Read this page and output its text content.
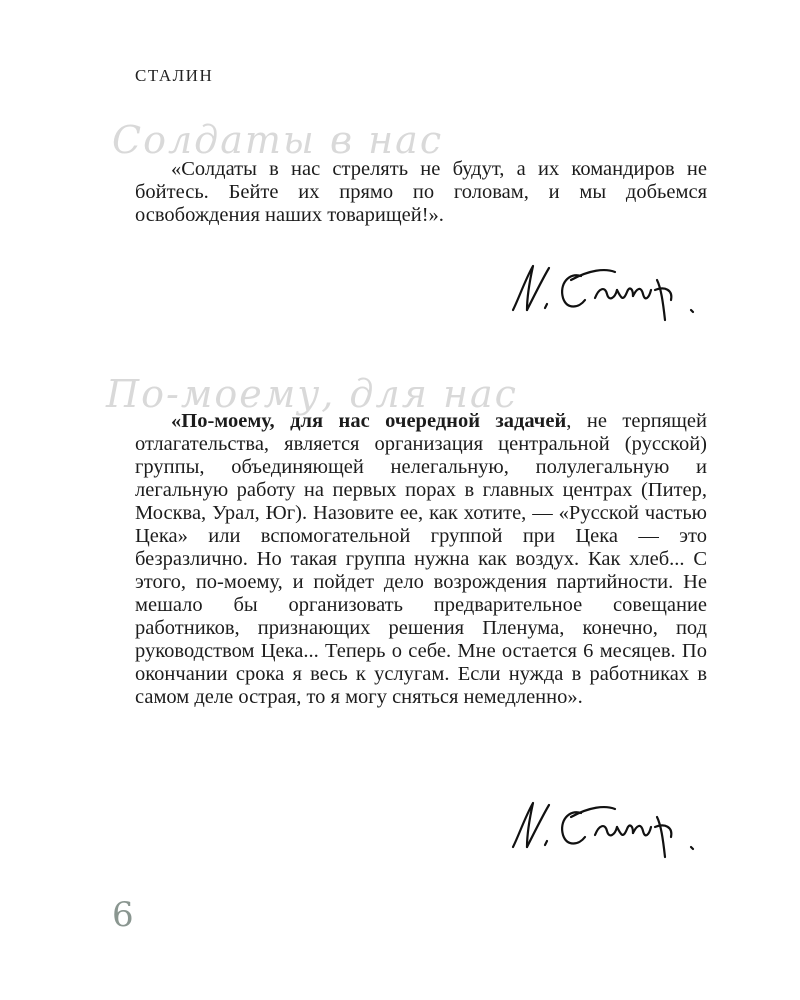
СТАЛИН
Солдаты в нас

«Солдаты в нас стрелять не будут, а их командиров не бойтесь. Бейте их прямо по головам, и мы добьемся освобождения наших товарищей!».

По-моему, для нас

«По-моему, для нас очередной задачей, не терпящей отлагательства, является организация центральной (русской) группы, объединяющей нелегальную, полулегальную и легальную работу на первых порах в главных центрах (Питер, Москва, Урал, Юг). Назовите ее, как хотите, — «Русской частью Цека» или вспомогательной группой при Цека — это безразлично. Но такая группа нужна как воздух. Как хлеб... С этого, по-моему, и пойдет дело возрождения партийности. Не мешало бы организовать предварительное совещание работников, признающих решения Пленума, конечно, под руководством Цека... Теперь о себе. Мне остается 6 месяцев. По окончании срока я весь к услугам. Если нужда в работниках в самом деле острая, то я могу сняться немедленно».

6
